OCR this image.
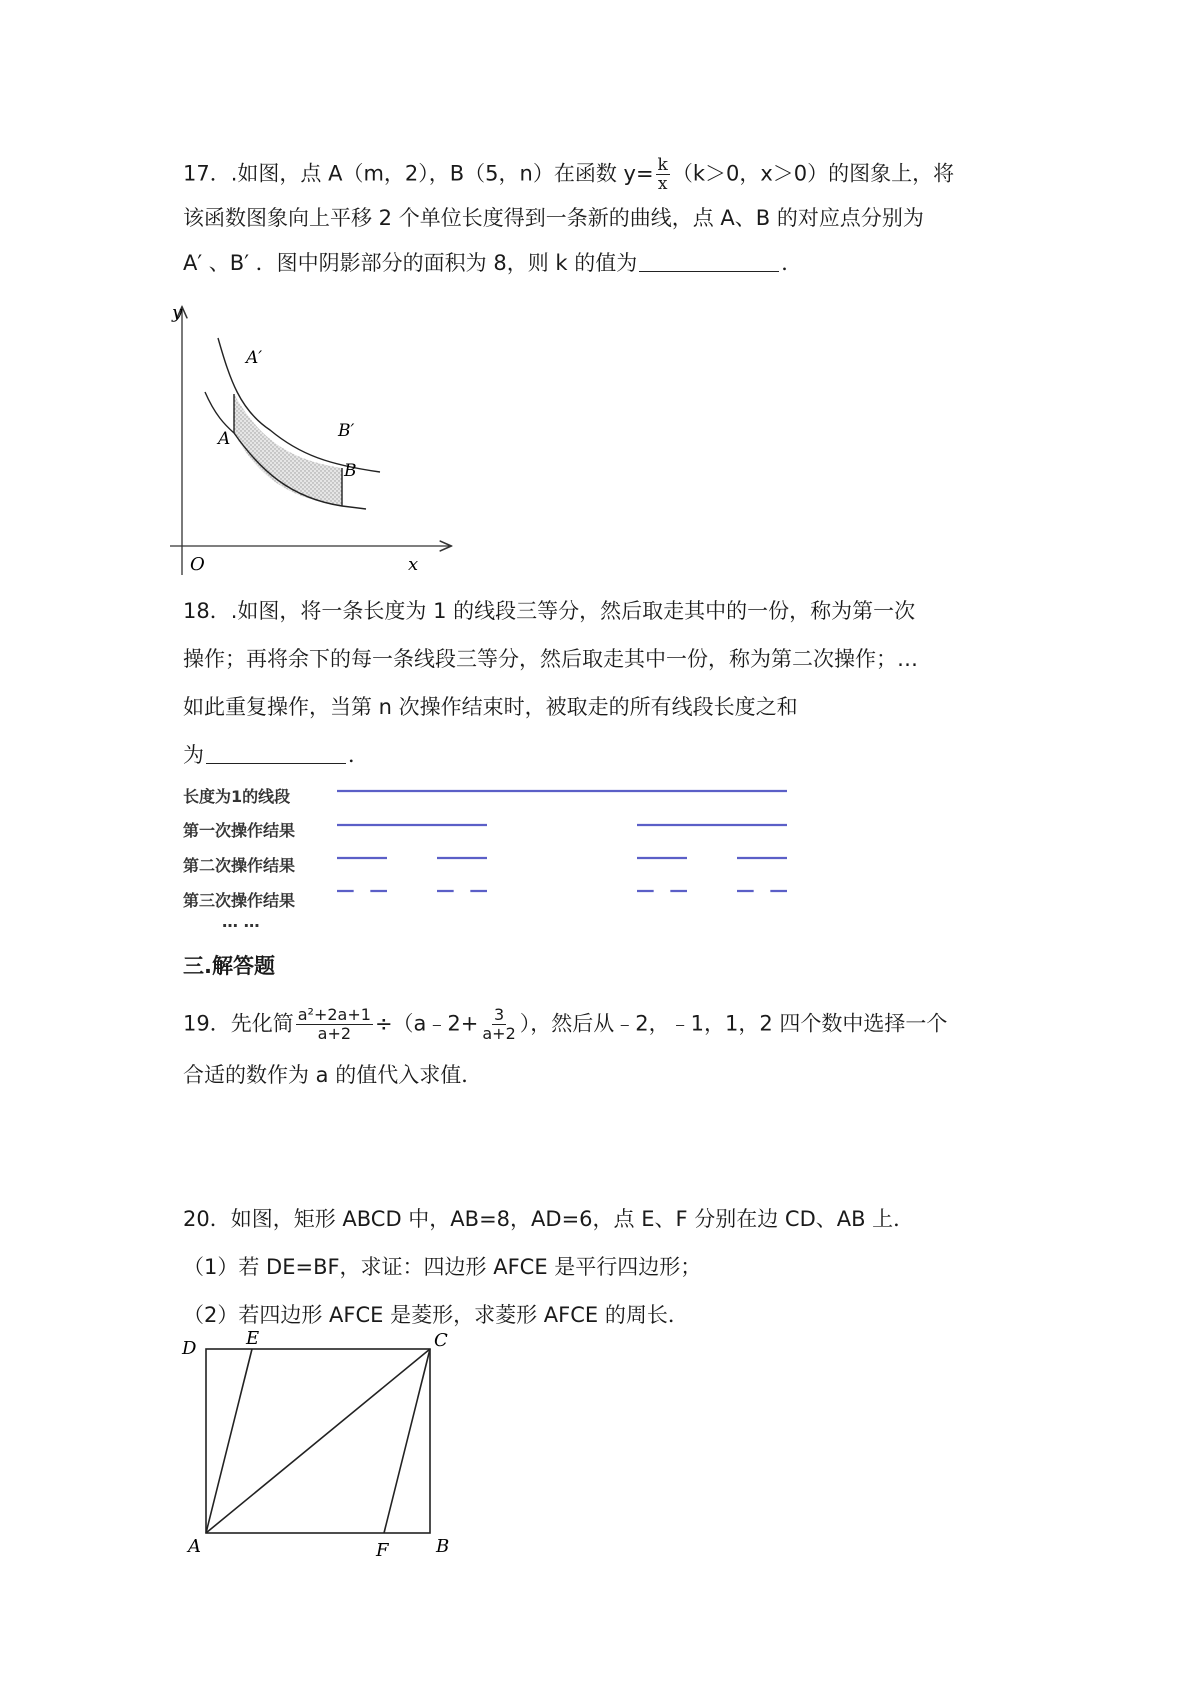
17．.如图，点 A（m，2），B（5，n）在函数 $y= \frac{k}{x} (k>0$，x＞0）的图象上，将
该函数图象向上平移 2 个单位长度得到一条新的曲线，点 A、B 的对应点分别为
A′ 、B′ ．图中阴影部分的面积为 8，则 k 的值为	．
y
x
O
A′
A	B′
B
18．.如图，将一条长度为 1 的线段三等分，然后取走其中的一份，称为第一次
操作；再将余下的每一条线段三等分，然后取走其中一份，称为第二次操作；…
如此重复操作，当第 n 次操作结束时，被取走的所有线段长度之和
为	．
长度为1的线段
第一次操作结果
第二次操作结果
第三次操作结果
… …
三.解答题
19．先化简 $\frac{\text{a²+2a+1}}{a+2}$ ÷（a﹣2+ $\frac{3}{a+2}$ ），然后从﹣2，﹣1，1，2 四个数中选择一个
合适的数作为 a 的值代入求值．
20．如图，矩形 ABCD 中，AB=8，AD=6，点 E、F 分别在边 CD、AB 上．
（1）若 DE=BF，求证：四边形 AFCE 是平行四边形；
（2）若四边形 AFCE 是菱形，求菱形 AFCE 的周长．
D	E	C
A	F	B
